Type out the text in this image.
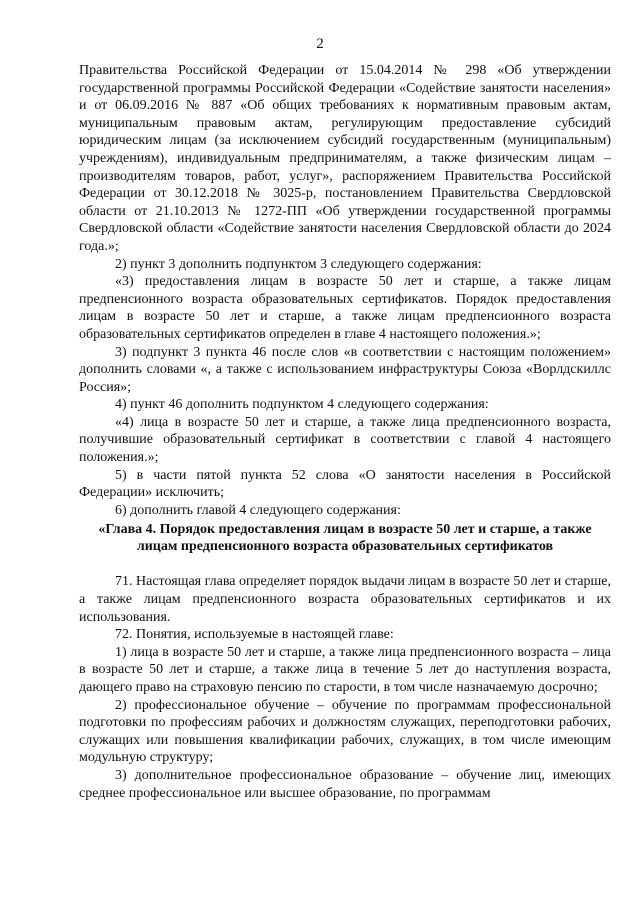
2

Правительства Российской Федерации от 15.04.2014 № 298 «Об утверждении государственной программы Российской Федерации «Содействие занятости населения» и от 06.09.2016 № 887 «Об общих требованиях к нормативным правовым актам, муниципальным правовым актам, регулирующим предоставление субсидий юридическим лицам (за исключением субсидий государственным (муниципальным) учреждениям), индивидуальным предпринимателям, а также физическим лицам – производителям товаров, работ, услуг», распоряжением Правительства Российской Федерации от 30.12.2018 № 3025-р, постановлением Правительства Свердловской области от 21.10.2013 № 1272-ПП «Об утверждении государственной программы Свердловской области «Содействие занятости населения Свердловской области до 2024 года.»;

2) пункт 3 дополнить подпунктом 3 следующего содержания:

«3) предоставления лицам в возрасте 50 лет и старше, а также лицам предпенсионного возраста образовательных сертификатов. Порядок предоставления лицам в возрасте 50 лет и старше, а также лицам предпенсионного возраста образовательных сертификатов определен в главе 4 настоящего положения.»;

3) подпункт 3 пункта 46 после слов «в соответствии с настоящим положением» дополнить словами «, а также с использованием инфраструктуры Союза «Ворлдскиллс Россия»;

4) пункт 46 дополнить подпунктом 4 следующего содержания:

«4) лица в возрасте 50 лет и старше, а также лица предпенсионного возраста, получившие образовательный сертификат в соответствии с главой 4 настоящего положения.»;

5) в части пятой пункта 52 слова «О занятости населения в Российской Федерации» исключить;

6) дополнить главой 4 следующего содержания:

«Глава 4. Порядок предоставления лицам в возрасте 50 лет и старше, а также лицам предпенсионного возраста образовательных сертификатов

71. Настоящая глава определяет порядок выдачи лицам в возрасте 50 лет и старше, а также лицам предпенсионного возраста образовательных сертификатов и их использования.

72. Понятия, используемые в настоящей главе:

1) лица в возрасте 50 лет и старше, а также лица предпенсионного возраста – лица в возрасте 50 лет и старше, а также лица в течение 5 лет до наступления возраста, дающего право на страховую пенсию по старости, в том числе назначаемую досрочно;

2) профессиональное обучение – обучение по программам профессиональной подготовки по профессиям рабочих и должностям служащих, переподготовки рабочих, служащих или повышения квалификации рабочих, служащих, в том числе имеющим модульную структуру;

3) дополнительное профессиональное образование – обучение лиц, имеющих среднее профессиональное или высшее образование, по программам
